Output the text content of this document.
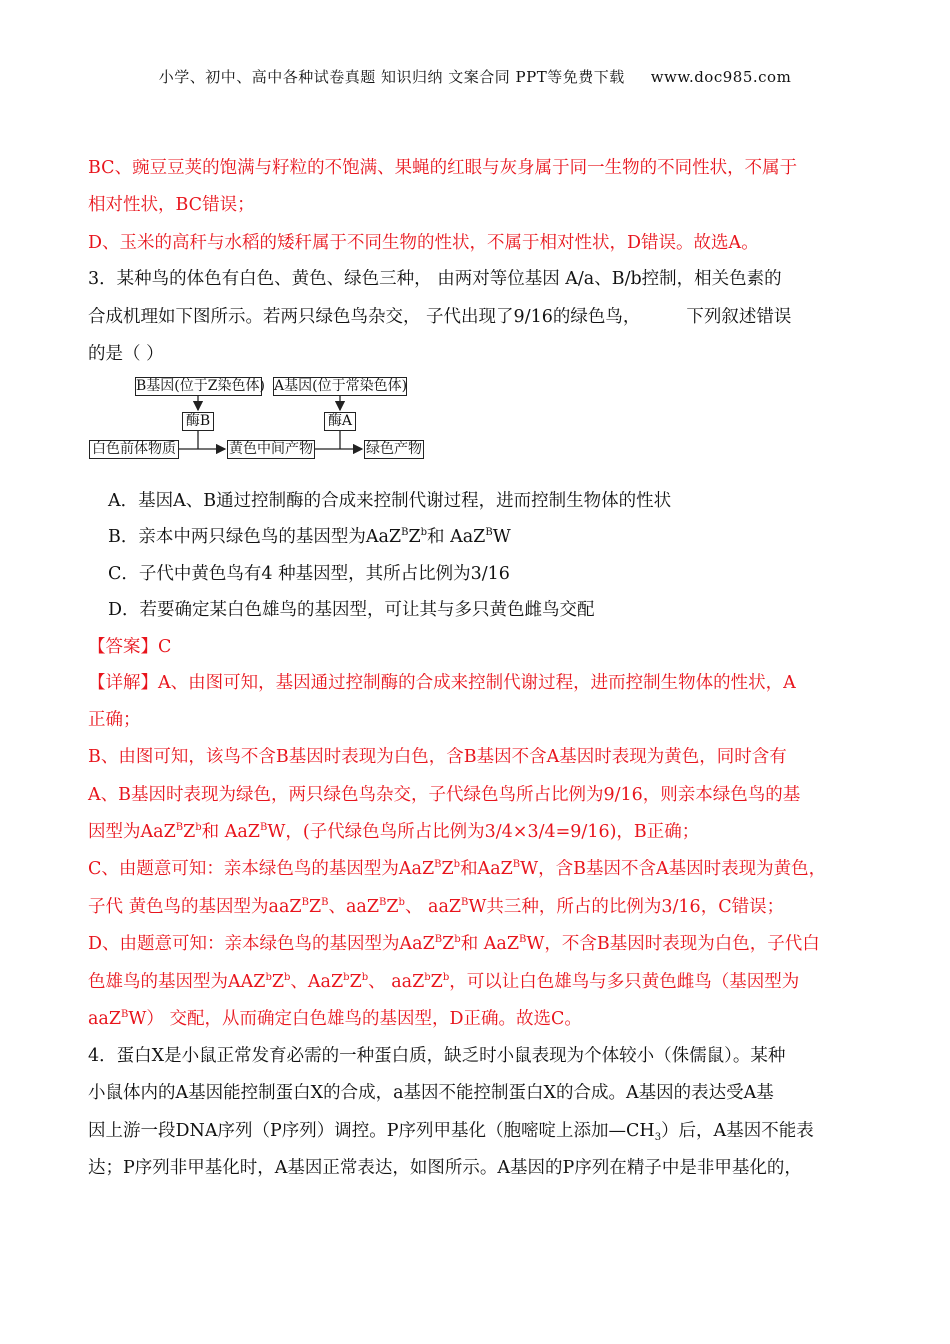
小学、初中、高中各种试卷真题 知识归纳 文案合同 PPT等免费下载 www.doc985.com
BC、豌豆豆荚的饱满与籽粒的不饱满、果蝇的红眼与灰身属于同一生物的不同性状，不属于
相对性状，BC错误；
D、玉米的高秆与水稻的矮秆属于不同生物的性状，不属于相对性状，D错误。故选A。
3．某种鸟的体色有白色、黄色、绿色三种， 由两对等位基因 A/a、B/b控制，相关色素的
合成机理如下图所示。若两只绿色鸟杂交， 子代出现了9/16的绿色鸟，	下列叙述错误
的是（ ）
B基因(位于Z染色体) A基因(位于常染色体)
酶B	酶A
白色前体物质	黄色中间产物	绿色产物
A．基因A、B通过控制酶的合成来控制代谢过程，进而控制生物体的性状
B．亲本中两只绿色鸟的基因型为$AaZ^BZ^b$和 AaZ$^B$W
C．子代中黄色鸟有4 种基因型，其所占比例为3/16
D．若要确定某白色雄鸟的基因型，可让其与多只黄色雌鸟交配
【答案】C
【详解】A、由图可知，基因通过控制酶的合成来控制代谢过程，进而控制生物体的性状，A
正确；
B、由图可知，该鸟不含B基因时表现为白色，含B基因不含A基因时表现为黄色，同时含有
A、B基因时表现为绿色，两只绿色鸟杂交，子代绿色鸟所占比例为9/16，则亲本绿色鸟的基
因型为$AaZ^BZ^b$和 AaZ$^B$W，(子代绿色鸟所占比例为3/4×3/4=9/16)，B正确；
C、由题意可知：亲本绿色鸟的基因型为$AaZ^BZ^b$和AaZ$^B$W，含B基因不含A基因时表现为黄色，
子代 黄色鸟的基因型为$aaZ^BZ^B$、$aaZ^BZ^b$、 aaZ$^B$W共三种，所占的比例为3/16，C错误；
D、由题意可知：亲本绿色鸟的基因型为$AaZ^BZ^b$和 AaZ$^B$W，不含B基因时表现为白色，子代白
色雄鸟的基因型为$AAZ^bZ^b$、$AaZ^bZ^b$、 $aaZ^bZ^b$，可以让白色雄鸟与多只黄色雌鸟（基因型为
aaZ$^B$W） 交配，从而确定白色雄鸟的基因型，D正确。故选C。
4．蛋白X是小鼠正常发育必需的一种蛋白质，缺乏时小鼠表现为个体较小（侏儒鼠）。某种
小鼠体内的A基因能控制蛋白X的合成，a基因不能控制蛋白X的合成。A基因的表达受A基
因上游一段DNA序列（P序列）调控。P序列甲基化（胞嘧啶上添加$—CH_3$）后，A基因不能表
达；P序列非甲基化时，A基因正常表达，如图所示。A基因的P序列在精子中是非甲基化的，
